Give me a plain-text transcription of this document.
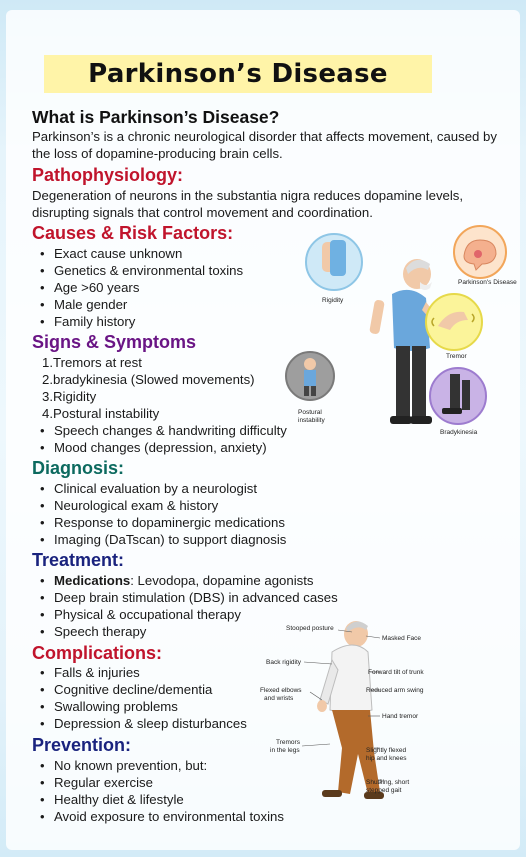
Parkinson’s Disease
What is Parkinson’s Disease?

Parkinson’s is a chronic neurological disorder that affects movement, caused by the loss of dopamine-producing brain cells.

Pathophysiology:

Degeneration of neurons in the substantia nigra reduces dopamine levels, disrupting signals that control movement and coordination.

Causes & Risk Factors:
• Exact cause unknown
• Genetics & environmental toxins
• Age >60 years
• Male gender
• Family history
Signs & Symptoms
1.Tremors at rest
2.bradykinesia (Slowed movements)
3.Rigidity
4.Postural instability
• Speech changes & handwriting difficulty
• Mood changes (depression, anxiety)
Diagnosis:
• Clinical evaluation by a neurologist
• Neurological exam & history
• Response to dopaminergic medications
• Imaging (DaTscan) to support diagnosis
Treatment:
• Medications: Levodopa, dopamine agonists
• Deep brain stimulation (DBS) in advanced cases
• Physical & occupational therapy
• Speech therapy
Complications:
• Falls & injuries
• Cognitive decline/dementia
• Swallowing problems
• Depression & sleep disturbances
Prevention:
• No known prevention, but:
• Regular exercise
• Healthy diet & lifestyle
• Avoid exposure to environmental toxins
Rigidity
Parkinson's Disease
Tremor
Postural
instability
Bradykinesia
Stooped posture
Masked Face
Back rigidity
Forward tilt of trunk
Flexed elbows
and wrists
Reduced arm swing
Hand tremor
Tremors
in the legs	Slightly flexed
hip and knees
Shuffling, short
stepped gait
